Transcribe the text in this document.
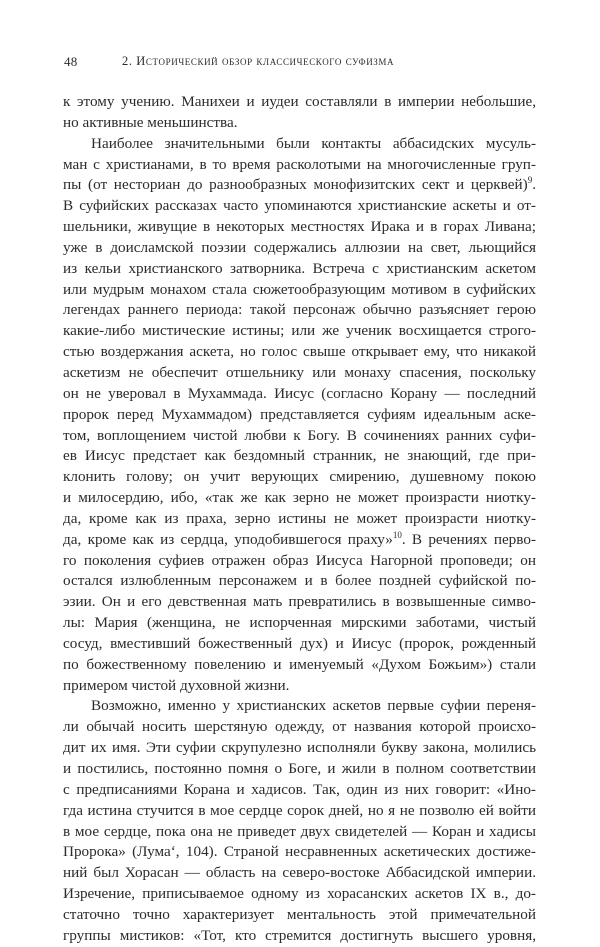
48	2. Исторический обзор классического суфизма
к этому учению. Манихеи и иудеи составляли в империи небольшие,
но активные меньшинства.
Наиболее значительными были контакты аббасидских мусуль-
ман с христианами, в то время расколотыми на многочисленные груп-
пы (от несториан до разнообразных монофизитских сект и церквей)$^9$.
В суфийских рассказах часто упоминаются христианские аскеты и от-
шельники, живущие в некоторых местностях Ирака и в горах Ливана;
уже в доисламской поэзии содержались аллюзии на свет, льющийся
из кельи христианского затворника. Встреча с христианским аскетом
или мудрым монахом стала сюжетообразующим мотивом в суфийских
легендах раннего периода: такой персонаж обычно разъясняет герою
какие-либо мистические истины; или же ученик восхищается строго-
стью воздержания аскета, но голос свыше открывает ему, что никакой
аскетизм не обеспечит отшельнику или монаху спасения, поскольку
он не уверовал в Мухаммада. Иисус (согласно Корану — последний
пророк перед Мухаммадом) представляется суфиям идеальным аске-
том, воплощением чистой любви к Богу. В сочинениях ранних суфи-
ев Иисус предстает как бездомный странник, не знающий, где при-
клонить голову; он учит верующих смирению, душевному покою
и милосердию, ибо, «так же как зерно не может произрасти ниотку-
да, кроме как из праха, зерно истины не может произрасти ниотку-
да, кроме как из сердца, уподобившегося праху»$^{10}$. В речениях перво-
го поколения суфиев отражен образ Иисуса Нагорной проповеди; он
остался излюбленным персонажем и в более поздней суфийской по-
эзии. Он и его девственная мать превратились в возвышенные симво-
лы: Мария (женщина, не испорченная мирскими заботами, чистый
сосуд, вместивший божественный дух) и Иисус (пророк, рожденный
по божественному повелению и именуемый «Духом Божьим») стали
примером чистой духовной жизни.
Возможно, именно у христианских аскетов первые суфии переня-
ли обычай носить шерстяную одежду, от названия которой происхо-
дит их имя. Эти суфии скрупулезно исполняли букву закона, молились
и постились, постоянно помня о Боге, и жили в полном соответствии
с предписаниями Корана и хадисов. Так, один из них говорит: «Ино-
гда истина стучится в мое сердце сорок дней, но я не позволю ей войти
в мое сердце, пока она не приведет двух свидетелей — Коран и хадисы
Пророка» (Лума‘, 104). Страной несравненных аскетических достиже-
ний был Хорасан — область на северо-востоке Аббасидской империи.
Изречение, приписываемое одному из хорасанских аскетов IX в., до-
статочно точно характеризует ментальность этой примечательной
группы мистиков: «Тот, кто стремится достигнуть высшего уровня,
